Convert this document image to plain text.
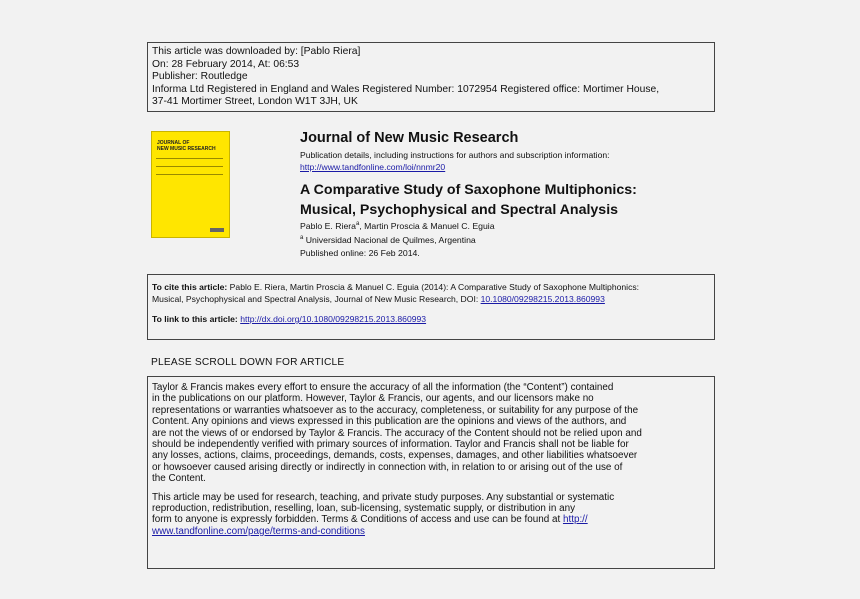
This article was downloaded by: [Pablo Riera]
On: 28 February 2014, At: 06:53
Publisher: Routledge
Informa Ltd Registered in England and Wales Registered Number: 1072954 Registered office: Mortimer House,
37-41 Mortimer Street, London W1T 3JH, UK
JOURNAL OF
NEW MUSIC RESEARCH
Journal of New Music Research
Publication details, including instructions for authors and subscription information:
http://www.tandfonline.com/loi/nnmr20
A Comparative Study of Saxophone Multiphonics:
Musical, Psychophysical and Spectral Analysis
Pablo E. Riera$^a$, Martin Proscia & Manuel C. Eguia
$^a$ Universidad Nacional de Quilmes, Argentina
Published online: 26 Feb 2014.
To cite this article: Pablo E. Riera, Martin Proscia & Manuel C. Eguia (2014): A Comparative Study of Saxophone Multiphonics:
Musical, Psychophysical and Spectral Analysis, Journal of New Music Research, DOI: 10.1080/09298215.2013.860993
To link to this article: http://dx.doi.org/10.1080/09298215.2013.860993
PLEASE SCROLL DOWN FOR ARTICLE
Taylor & Francis makes every effort to ensure the accuracy of all the information (the “Content”) contained
in the publications on our platform. However, Taylor & Francis, our agents, and our licensors make no
representations or warranties whatsoever as to the accuracy, completeness, or suitability for any purpose of the
Content. Any opinions and views expressed in this publication are the opinions and views of the authors, and
are not the views of or endorsed by Taylor & Francis. The accuracy of the Content should not be relied upon and
should be independently verified with primary sources of information. Taylor and Francis shall not be liable for
any losses, actions, claims, proceedings, demands, costs, expenses, damages, and other liabilities whatsoever
or howsoever caused arising directly or indirectly in connection with, in relation to or arising out of the use of
the Content.
This article may be used for research, teaching, and private study purposes. Any substantial or systematic
reproduction, redistribution, reselling, loan, sub-licensing, systematic supply, or distribution in any
form to anyone is expressly forbidden. Terms & Conditions of access and use can be found at http://
www.tandfonline.com/page/terms-and-conditions
